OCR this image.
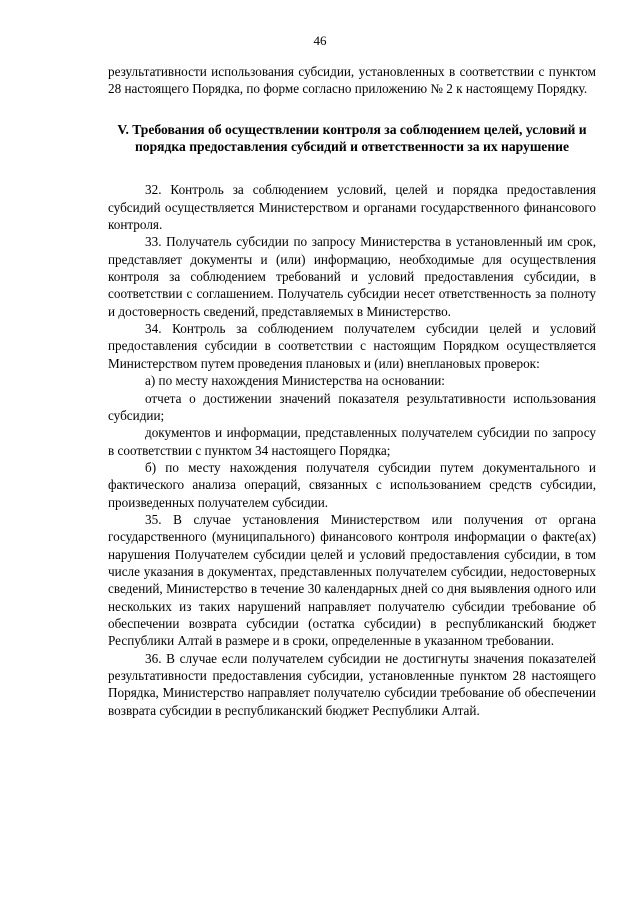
46

результативности использования субсидии, установленных в соответствии с пунктом 28 настоящего Порядка, по форме согласно приложению № 2 к настоящему Порядку.

V. Требования об осуществлении контроля за соблюдением целей, условий и порядка предоставления субсидий и ответственности за их нарушение

32. Контроль за соблюдением условий, целей и порядка предоставления субсидий осуществляется Министерством и органами государственного финансового контроля.

33. Получатель субсидии по запросу Министерства в установленный им срок, представляет документы и (или) информацию, необходимые для осуществления контроля за соблюдением требований и условий предоставления субсидии, в соответствии с соглашением. Получатель субсидии несет ответственность за полноту и достоверность сведений, представляемых в Министерство.

34. Контроль за соблюдением получателем субсидии целей и условий предоставления субсидии в соответствии с настоящим Порядком осуществляется Министерством путем проведения плановых и (или) внеплановых проверок:

а) по месту нахождения Министерства на основании:

отчета о достижении значений показателя результативности использования субсидии;

документов и информации, представленных получателем субсидии по запросу в соответствии с пунктом 34 настоящего Порядка;

б) по месту нахождения получателя субсидии путем документального и фактического анализа операций, связанных с использованием средств субсидии, произведенных получателем субсидии.

35. В случае установления Министерством или получения от органа государственного (муниципального) финансового контроля информации о факте(ах) нарушения Получателем субсидии целей и условий предоставления субсидии, в том числе указания в документах, представленных получателем субсидии, недостоверных сведений, Министерство в течение 30 календарных дней со дня выявления одного или нескольких из таких нарушений направляет получателю субсидии требование об обеспечении возврата субсидии (остатка субсидии) в республиканский бюджет Республики Алтай в размере и в сроки, определенные в указанном требовании.

36. В случае если получателем субсидии не достигнуты значения показателей результативности предоставления субсидии, установленные пунктом 28 настоящего Порядка, Министерство направляет получателю субсидии требование об обеспечении возврата субсидии в республиканский бюджет Республики Алтай.
